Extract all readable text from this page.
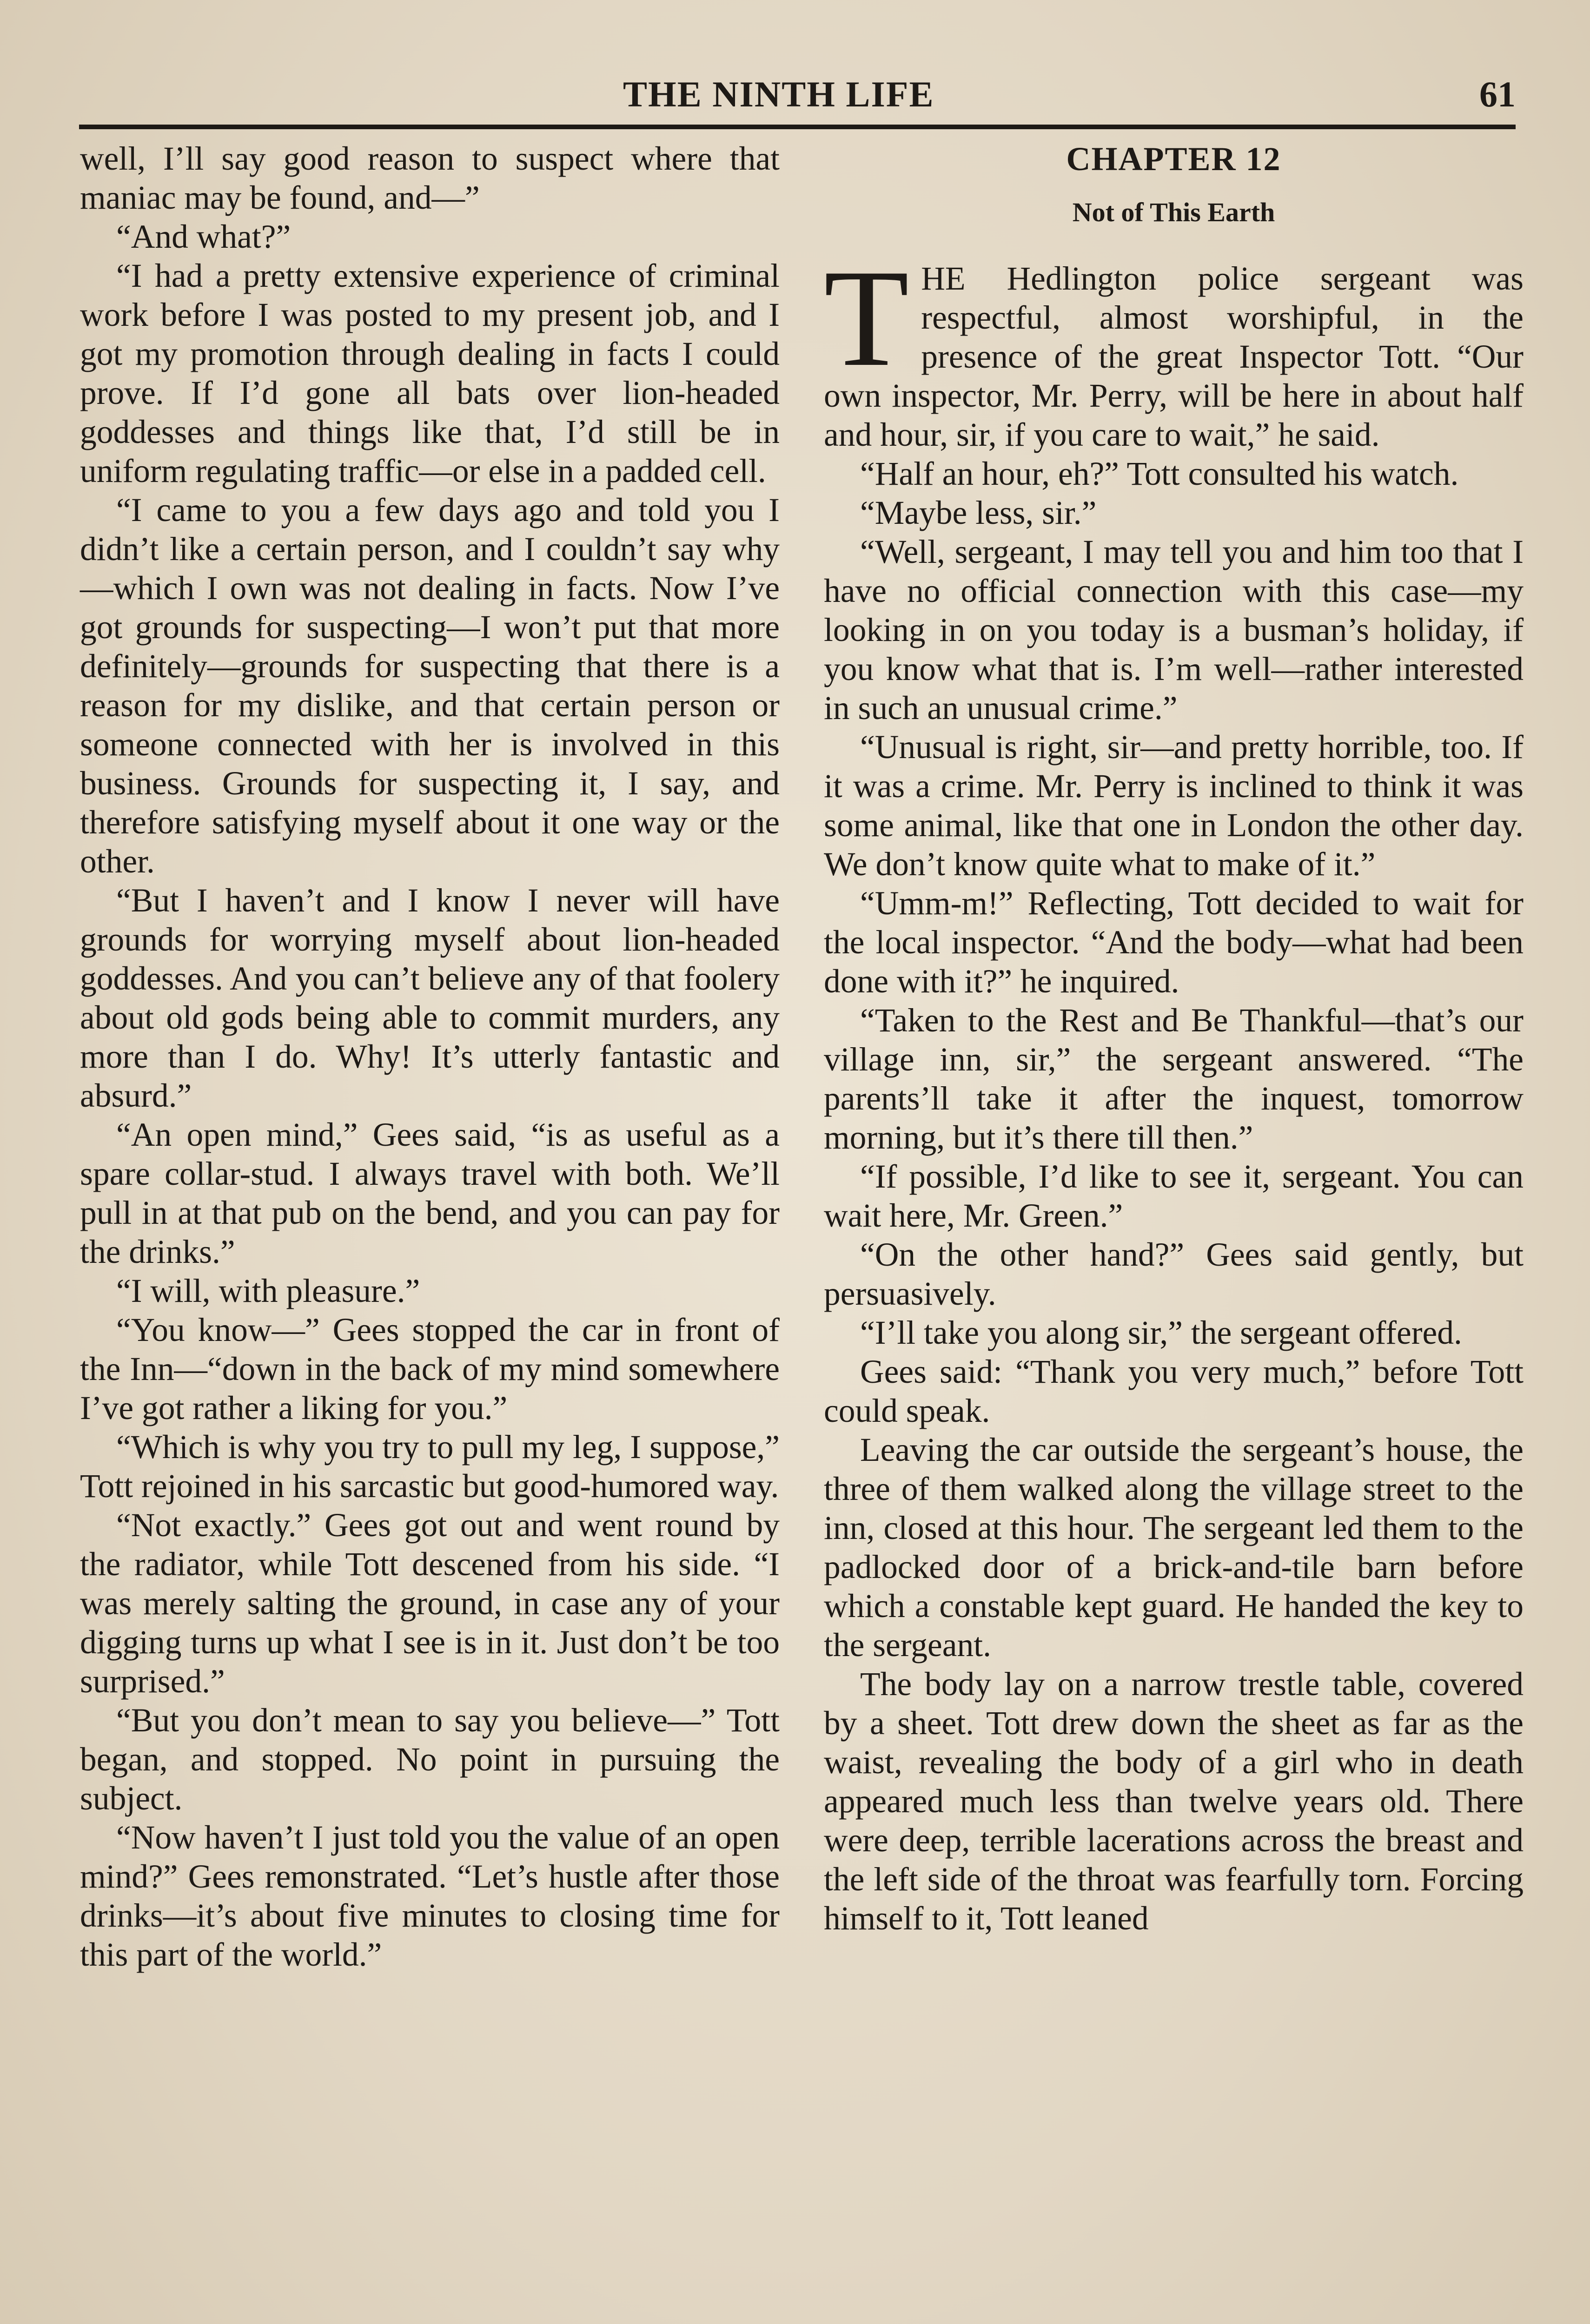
THE NINTH LIFE	61

well, I’ll say good reason to suspect where that maniac may be found, and—”

“And what?”

“I had a pretty extensive experience of criminal work before I was posted to my present job, and I got my promotion through dealing in facts I could prove. If I’d gone all bats over lion-headed goddesses and things like that, I’d still be in uniform regulating traffic—or else in a padded cell.

“I came to you a few days ago and told you I didn’t like a certain person, and I couldn’t say why—which I own was not dealing in facts. Now I’ve got grounds for suspecting—I won’t put that more definitely—grounds for suspecting that there is a reason for my dislike, and that certain person or someone connected with her is involved in this business. Grounds for suspecting it, I say, and therefore satisfying myself about it one way or the other.

“But I haven’t and I know I never will have grounds for worrying myself about lion-headed goddesses. And you can’t believe any of that foolery about old gods being able to commit murders, any more than I do. Why! It’s utterly fantastic and absurd.”

“An open mind,” Gees said, “is as useful as a spare collar-stud. I always travel with both. We’ll pull in at that pub on the bend, and you can pay for the drinks.”

“I will, with pleasure.”

“You know—” Gees stopped the car in front of the Inn—“down in the back of my mind somewhere I’ve got rather a liking for you.”

“Which is why you try to pull my leg, I suppose,” Tott rejoined in his sarcastic but good-humored way.

“Not exactly.” Gees got out and went round by the radiator, while Tott descened from his side. “I was merely salting the ground, in case any of your digging turns up what I see is in it. Just don’t be too surprised.”

“But you don’t mean to say you believe—” Tott began, and stopped. No point in pursuing the subject.

“Now haven’t I just told you the value of an open mind?” Gees remonstrated. “Let’s hustle after those drinks—it’s about five minutes to closing time for this part of the world.”

CHAPTER 12
Not of This Earth

THE Hedlington police sergeant was respectful, almost worshipful, in the presence of the great Inspector Tott. “Our own inspector, Mr. Perry, will be here in about half and hour, sir, if you care to wait,” he said.

“Half an hour, eh?” Tott consulted his watch.

“Maybe less, sir.”

“Well, sergeant, I may tell you and him too that I have no official connection with this case—my looking in on you today is a busman’s holiday, if you know what that is. I’m well—rather interested in such an unusual crime.”

“Unusual is right, sir—and pretty horrible, too. If it was a crime. Mr. Perry is inclined to think it was some animal, like that one in London the other day. We don’t know quite what to make of it.”

“Umm-m!” Reflecting, Tott decided to wait for the local inspector. “And the body—what had been done with it?” he inquired.

“Taken to the Rest and Be Thankful—that’s our village inn, sir,” the sergeant answered. “The parents’ll take it after the inquest, tomorrow morning, but it’s there till then.”

“If possible, I’d like to see it, sergeant. You can wait here, Mr. Green.”

“On the other hand?” Gees said gently, but persuasively.

“I’ll take you along sir,” the sergeant offered.

Gees said: “Thank you very much,” before Tott could speak.

Leaving the car outside the sergeant’s house, the three of them walked along the village street to the inn, closed at this hour. The sergeant led them to the padlocked door of a brick-and-tile barn before which a constable kept guard. He handed the key to the sergeant.

The body lay on a narrow trestle table, covered by a sheet. Tott drew down the sheet as far as the waist, revealing the body of a girl who in death appeared much less than twelve years old. There were deep, terrible lacerations across the breast and the left side of the throat was fearfully torn. Forcing himself to it, Tott leaned
